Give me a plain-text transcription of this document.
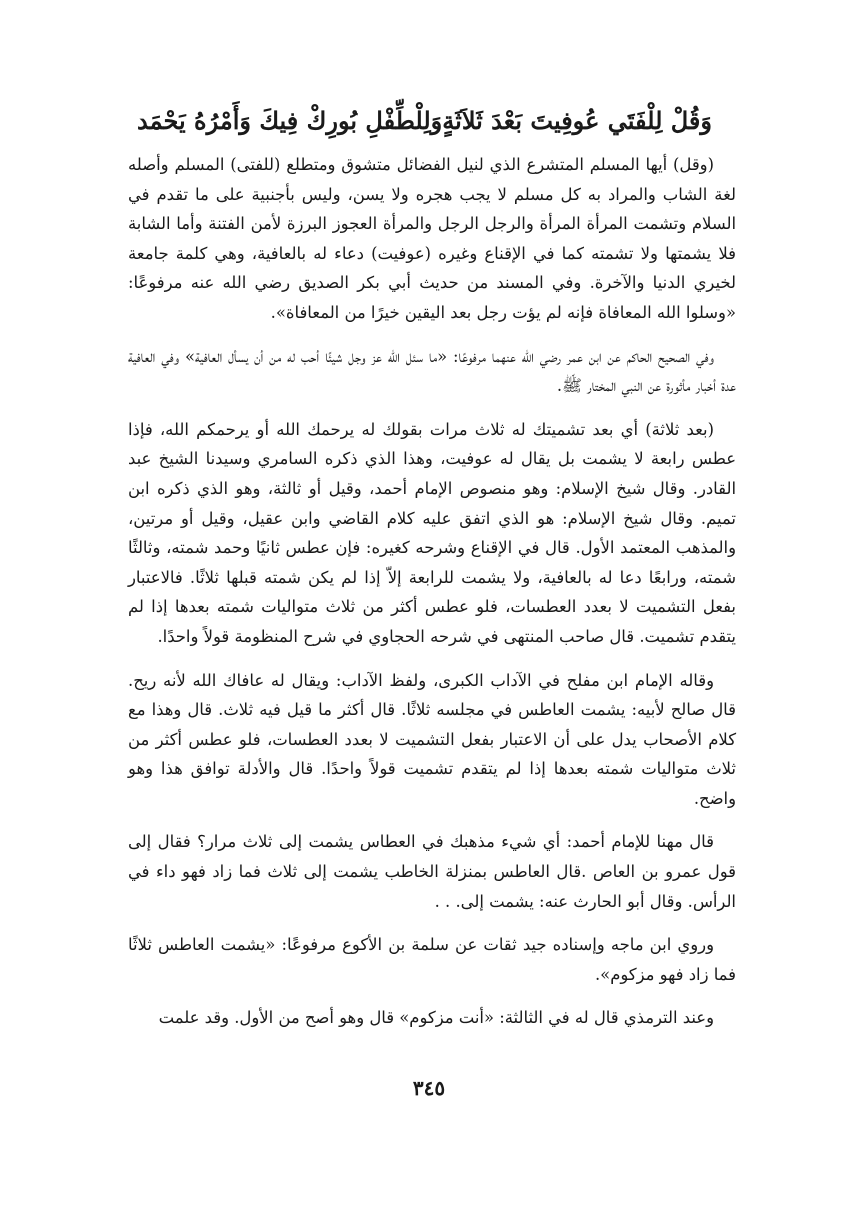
وَقُلْ لِلْفَتَي عُوفِيتَ بَعْدَ ثَلاَثَةٍ
وَلِلْطِّفْلِ بُورِكْ فِيكَ وَأَمْرُهُ يَحْمَد

(وقل) أيها المسلم المتشرع الذي لنيل الفضائل متشوق ومتطلع (للفتى) المسلم وأصله لغة الشاب والمراد به كل مسلم لا يجب هجره ولا يسن، وليس بأجنبية على ما تقدم في السلام وتشمت المرأة المرأة والرجل الرجل والمرأة العجوز البرزة لأمن الفتنة وأما الشابة فلا يشمتها ولا تشمته كما في الإقناع وغيره (عوفيت) دعاء له بالعافية، وهي كلمة جامعة لخيري الدنيا والآخرة. وفي المسند من حديث أبي بكر الصديق رضي الله عنه مرفوعًا: «وسلوا الله المعافاة فإنه لم يؤت رجل بعد اليقين خيرًا من المعافاة».

وفي الصحيح الحاكم عن ابن عمر رضي الله عنهما مرفوعًا: «ما سئل الله عز وجل شيئًا أحب له من أن يسأل العافية» وفي العافية عدة أخبار مأثورة عن النبي المختار ﷺ.

(بعد ثلاثة) أي بعد تشميتك له ثلاث مرات بقولك له يرحمك الله أو يرحمكم الله، فإذا عطس رابعة لا يشمت بل يقال له عوفيت، وهذا الذي ذكره السامري وسيدنا الشيخ عبد القادر. وقال شيخ الإسلام: وهو منصوص الإمام أحمد، وقيل أو ثالثة، وهو الذي ذكره ابن تميم. وقال شيخ الإسلام: هو الذي اتفق عليه كلام القاضي وابن عقيل، وقيل أو مرتين، والمذهب المعتمد الأول. قال في الإقناع وشرحه كغيره: فإن عطس ثانيًا وحمد شمته، وثالثًا شمته، ورابعًا دعا له بالعافية، ولا يشمت للرابعة إلاّ إذا لم يكن شمته قبلها ثلاثًا. فالاعتبار بفعل التشميت لا بعدد العطسات، فلو عطس أكثر من ثلاث متواليات شمته بعدها إذا لم يتقدم تشميت. قال صاحب المنتهى في شرحه الحجاوي في شرح المنظومة قولاً واحدًا.

وقاله الإمام ابن مفلح في الآداب الكبرى، ولفظ الآداب: ويقال له عافاك الله لأنه ريح. قال صالح لأبيه: يشمت العاطس في مجلسه ثلاثًا. قال أكثر ما قيل فيه ثلاث. قال وهذا مع كلام الأصحاب يدل على أن الاعتبار بفعل التشميت لا بعدد العطسات، فلو عطس أكثر من ثلاث متواليات شمته بعدها إذا لم يتقدم تشميت قولاً واحدًا. قال والأدلة توافق هذا وهو واضح.

قال مهنا للإمام أحمد: أي شيء مذهبك في العطاس يشمت إلى ثلاث مرار؟ فقال إلى قول عمرو بن العاص .قال العاطس بمنزلة الخاطب يشمت إلى ثلاث فما زاد فهو داء في الرأس. وقال أبو الحارث عنه: يشمت إلى. . .

وروي ابن ماجه وإسناده جيد ثقات عن سلمة بن الأكوع مرفوعًا: «يشمت العاطس ثلاثًا فما زاد فهو مزكوم».

وعند الترمذي قال له في الثالثة: «أنت مزكوم» قال وهو أصح من الأول. وقد علمت

٣٤٥
